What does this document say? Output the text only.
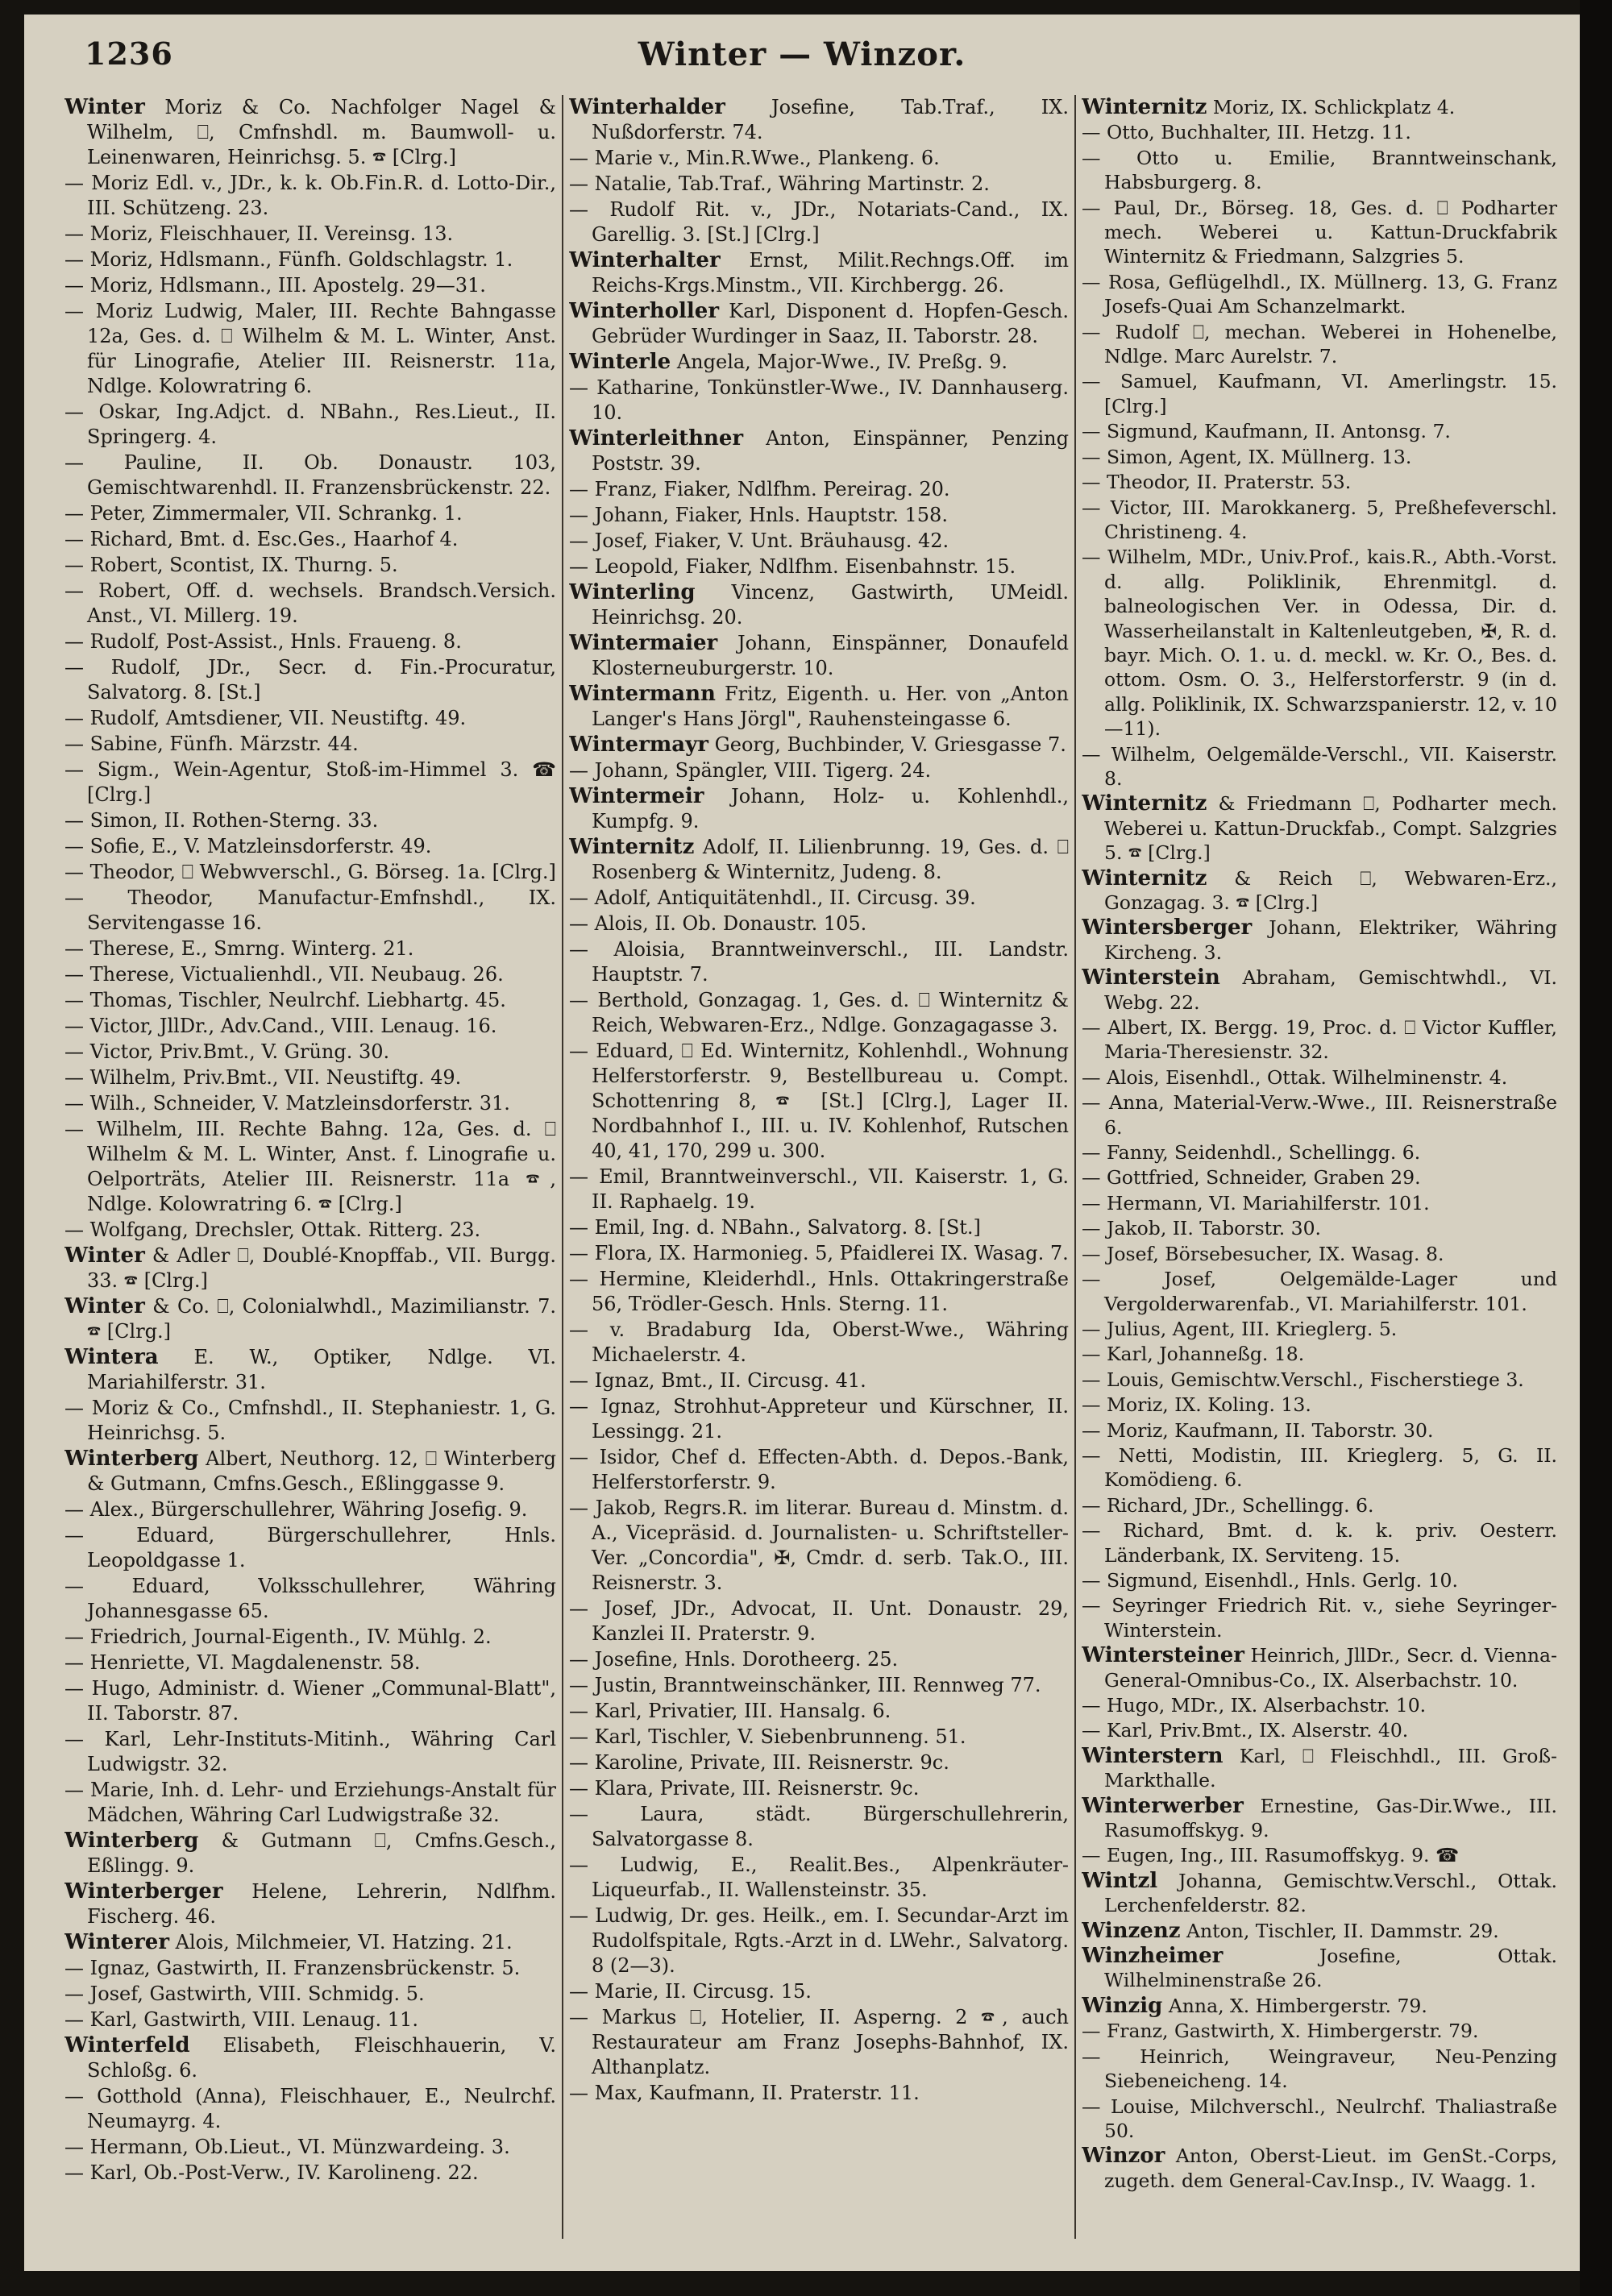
1236	Winter — Winzor.

Winter Moriz & Co. Nachfolger Nagel & Wilhelm, ⎕, Cmfnshdl. m. Baumwoll- u. Leinenwaren, Heinrichsg. 5. ☎ [Clrg.]

— Moriz Edl. v., JDr., k. k. Ob.Fin.R. d. Lotto-Dir., III. Schützeng. 23.

— Moriz, Fleischhauer, II. Vereinsg. 13.

— Moriz, Hdlsmann., Fünfh. Goldschlagstr. 1.

— Moriz, Hdlsmann., III. Apostelg. 29—31.

— Moriz Ludwig, Maler, III. Rechte Bahngasse 12a, Ges. d. ⎕ Wilhelm & M. L. Winter, Anst. für Linografie, Atelier III. Reisnerstr. 11a, Ndlge. Kolowratring 6.

— Oskar, Ing.Adjct. d. NBahn., Res.Lieut., II. Springerg. 4.

— Pauline, II. Ob. Donaustr. 103, Gemischtwarenhdl. II. Franzensbrückenstr. 22.

— Peter, Zimmermaler, VII. Schrankg. 1.

— Richard, Bmt. d. Esc.Ges., Haarhof 4.

— Robert, Scontist, IX. Thurng. 5.

— Robert, Off. d. wechsels. Brandsch.Versich. Anst., VI. Millerg. 19.

— Rudolf, Post-Assist., Hnls. Fraueng. 8.

— Rudolf, JDr., Secr. d. Fin.-Procuratur, Salvatorg. 8. [St.]

— Rudolf, Amtsdiener, VII. Neustiftg. 49.

— Sabine, Fünfh. Märzstr. 44.

— Sigm., Wein-Agentur, Stoß-im-Himmel 3. ☎ [Clrg.]

— Simon, II. Rothen-Sterng. 33.

— Sofie, E., V. Matzleinsdorferstr. 49.

— Theodor, ⎕ Webwverschl., G. Börseg. 1a. [Clrg.]

— Theodor, Manufactur-Emfnshdl., IX. Servitengasse 16.

— Therese, E., Smrng. Winterg. 21.

— Therese, Victualienhdl., VII. Neubaug. 26.

— Thomas, Tischler, Neulrchf. Liebhartg. 45.

— Victor, JllDr., Adv.Cand., VIII. Lenaug. 16.

— Victor, Priv.Bmt., V. Grüng. 30.

— Wilhelm, Priv.Bmt., VII. Neustiftg. 49.

— Wilh., Schneider, V. Matzleinsdorferstr. 31.

— Wilhelm, III. Rechte Bahng. 12a, Ges. d. ⎕ Wilhelm & M. L. Winter, Anst. f. Linografie u. Oelporträts, Atelier III. Reisnerstr. 11a ☎, Ndlge. Kolowratring 6. ☎ [Clrg.]

— Wolfgang, Drechsler, Ottak. Ritterg. 23.

Winter & Adler ⎕, Doublé-Knopffab., VII. Burgg. 33. ☎ [Clrg.]

Winter & Co. ⎕, Colonialwhdl., Mazimilianstr. 7. ☎ [Clrg.]

Wintera E. W., Optiker, Ndlge. VI. Mariahilferstr. 31.

— Moriz & Co., Cmfnshdl., II. Stephaniestr. 1, G. Heinrichsg. 5.

Winterberg Albert, Neuthorg. 12, ⎕ Winterberg & Gutmann, Cmfns.Gesch., Eßlinggasse 9.

— Alex., Bürgerschullehrer, Währing Josefig. 9.

— Eduard, Bürgerschullehrer, Hnls. Leopoldgasse 1.

— Eduard, Volksschullehrer, Währing Johannesgasse 65.

— Friedrich, Journal-Eigenth., IV. Mühlg. 2.

— Henriette, VI. Magdalenenstr. 58.

— Hugo, Administr. d. Wiener „Communal-Blatt", II. Taborstr. 87.

— Karl, Lehr-Instituts-Mitinh., Währing Carl Ludwigstr. 32.

— Marie, Inh. d. Lehr- und Erziehungs-Anstalt für Mädchen, Währing Carl Ludwigstraße 32.

Winterberg & Gutmann ⎕, Cmfns.Gesch., Eßlingg. 9.

Winterberger Helene, Lehrerin, Ndlfhm. Fischerg. 46.

Winterer Alois, Milchmeier, VI. Hatzing. 21.

— Ignaz, Gastwirth, II. Franzensbrückenstr. 5.

— Josef, Gastwirth, VIII. Schmidg. 5.

— Karl, Gastwirth, VIII. Lenaug. 11.

Winterfeld Elisabeth, Fleischhauerin, V. Schloßg. 6.

— Gotthold (Anna), Fleischhauer, E., Neulrchf. Neumayrg. 4.

— Hermann, Ob.Lieut., VI. Münzwardeing. 3.

— Karl, Ob.-Post-Verw., IV. Karolineng. 22.

Winterhalder Josefine, Tab.Traf., IX. Nußdorferstr. 74.

— Marie v., Min.R.Wwe., Plankeng. 6.

— Natalie, Tab.Traf., Währing Martinstr. 2.

— Rudolf Rit. v., JDr., Notariats-Cand., IX. Garellig. 3. [St.] [Clrg.]

Winterhalter Ernst, Milit.Rechngs.Off. im Reichs-Krgs.Minstm., VII. Kirchbergg. 26.

Winterholler Karl, Disponent d. Hopfen-Gesch. Gebrüder Wurdinger in Saaz, II. Taborstr. 28.

Winterle Angela, Major-Wwe., IV. Preßg. 9.

— Katharine, Tonkünstler-Wwe., IV. Dannhauserg. 10.

Winterleithner Anton, Einspänner, Penzing Poststr. 39.

— Franz, Fiaker, Ndlfhm. Pereirag. 20.

— Johann, Fiaker, Hnls. Hauptstr. 158.

— Josef, Fiaker, V. Unt. Bräuhausg. 42.

— Leopold, Fiaker, Ndlfhm. Eisenbahnstr. 15.

Winterling Vincenz, Gastwirth, UMeidl. Heinrichsg. 20.

Wintermaier Johann, Einspänner, Donaufeld Klosterneuburgerstr. 10.

Wintermann Fritz, Eigenth. u. Her. von „Anton Langer's Hans Jörgl", Rauhensteingasse 6.

Wintermayr Georg, Buchbinder, V. Griesgasse 7.

— Johann, Spängler, VIII. Tigerg. 24.

Wintermeir Johann, Holz- u. Kohlenhdl., Kumpfg. 9.

Winternitz Adolf, II. Lilienbrunng. 19, Ges. d. ⎕ Rosenberg & Winternitz, Judeng. 8.

— Adolf, Antiquitätenhdl., II. Circusg. 39.

— Alois, II. Ob. Donaustr. 105.

— Aloisia, Branntweinverschl., III. Landstr. Hauptstr. 7.

— Berthold, Gonzagag. 1, Ges. d. ⎕ Winternitz & Reich, Webwaren-Erz., Ndlge. Gonzagagasse 3.

— Eduard, ⎕ Ed. Winternitz, Kohlenhdl., Wohnung Helferstorferstr. 9, Bestellbureau u. Compt. Schottenring 8, ☎ [St.] [Clrg.], Lager II. Nordbahnhof I., III. u. IV. Kohlenhof, Rutschen 40, 41, 170, 299 u. 300.

— Emil, Branntweinverschl., VII. Kaiserstr. 1, G. II. Raphaelg. 19.

— Emil, Ing. d. NBahn., Salvatorg. 8. [St.]

— Flora, IX. Harmonieg. 5, Pfaidlerei IX. Wasag. 7.

— Hermine, Kleiderhdl., Hnls. Ottakringerstraße 56, Trödler-Gesch. Hnls. Sterng. 11.

— v. Bradaburg Ida, Oberst-Wwe., Währing Michaelerstr. 4.

— Ignaz, Bmt., II. Circusg. 41.

— Ignaz, Strohhut-Appreteur und Kürschner, II. Lessingg. 21.

— Isidor, Chef d. Effecten-Abth. d. Depos.-Bank, Helferstorferstr. 9.

— Jakob, Regrs.R. im literar. Bureau d. Minstm. d. A., Vicepräsid. d. Journalisten- u. Schriftsteller-Ver. „Concordia", ✠, Cmdr. d. serb. Tak.O., III. Reisnerstr. 3.

— Josef, JDr., Advocat, II. Unt. Donaustr. 29, Kanzlei II. Praterstr. 9.

— Josefine, Hnls. Dorotheerg. 25.

— Justin, Branntweinschänker, III. Rennweg 77.

— Karl, Privatier, III. Hansalg. 6.

— Karl, Tischler, V. Siebenbrunneng. 51.

— Karoline, Private, III. Reisnerstr. 9c.

— Klara, Private, III. Reisnerstr. 9c.

— Laura, städt. Bürgerschullehrerin, Salvatorgasse 8.

— Ludwig, E., Realit.Bes., Alpenkräuter-Liqueurfab., II. Wallensteinstr. 35.

— Ludwig, Dr. ges. Heilk., em. I. Secundar-Arzt im Rudolfspitale, Rgts.-Arzt in d. LWehr., Salvatorg. 8 (2—3).

— Marie, II. Circusg. 15.

— Markus ⎕, Hotelier, II. Asperng. 2 ☎, auch Restaurateur am Franz Josephs-Bahnhof, IX. Althanplatz.

— Max, Kaufmann, II. Praterstr. 11.

Winternitz Moriz, IX. Schlickplatz 4.

— Otto, Buchhalter, III. Hetzg. 11.

— Otto u. Emilie, Branntweinschank, Habsburgerg. 8.

— Paul, Dr., Börseg. 18, Ges. d. ⎕ Podharter mech. Weberei u. Kattun-Druckfabrik Winternitz & Friedmann, Salzgries 5.

— Rosa, Geflügelhdl., IX. Müllnerg. 13, G. Franz Josefs-Quai Am Schanzelmarkt.

— Rudolf ⎕, mechan. Weberei in Hohenelbe, Ndlge. Marc Aurelstr. 7.

— Samuel, Kaufmann, VI. Amerlingstr. 15. [Clrg.]

— Sigmund, Kaufmann, II. Antonsg. 7.

— Simon, Agent, IX. Müllnerg. 13.

— Theodor, II. Praterstr. 53.

— Victor, III. Marokkanerg. 5, Preßhefeverschl. Christineng. 4.

— Wilhelm, MDr., Univ.Prof., kais.R., Abth.-Vorst. d. allg. Poliklinik, Ehrenmitgl. d. balneologischen Ver. in Odessa, Dir. d. Wasserheilanstalt in Kaltenleutgeben, ✠, R. d. bayr. Mich. O. 1. u. d. meckl. w. Kr. O., Bes. d. ottom. Osm. O. 3., Helferstorferstr. 9 (in d. allg. Poliklinik, IX. Schwarzspanierstr. 12, v. 10—11).

— Wilhelm, Oelgemälde-Verschl., VII. Kaiserstr. 8.

Winternitz & Friedmann ⎕, Podharter mech. Weberei u. Kattun-Druckfab., Compt. Salzgries 5. ☎ [Clrg.]

Winternitz & Reich ⎕, Webwaren-Erz., Gonzagag. 3. ☎ [Clrg.]

Wintersberger Johann, Elektriker, Währing Kircheng. 3.

Winterstein Abraham, Gemischtwhdl., VI. Webg. 22.

— Albert, IX. Bergg. 19, Proc. d. ⎕ Victor Kuffler, Maria-Theresienstr. 32.

— Alois, Eisenhdl., Ottak. Wilhelminenstr. 4.

— Anna, Material-Verw.-Wwe., III. Reisnerstraße 6.

— Fanny, Seidenhdl., Schellingg. 6.

— Gottfried, Schneider, Graben 29.

— Hermann, VI. Mariahilferstr. 101.

— Jakob, II. Taborstr. 30.

— Josef, Börsebesucher, IX. Wasag. 8.

— Josef, Oelgemälde-Lager und Vergolderwarenfab., VI. Mariahilferstr. 101.

— Julius, Agent, III. Krieglerg. 5.

— Karl, Johanneßg. 18.

— Louis, Gemischtw.Verschl., Fischerstiege 3.

— Moriz, IX. Koling. 13.

— Moriz, Kaufmann, II. Taborstr. 30.

— Netti, Modistin, III. Krieglerg. 5, G. II. Komödieng. 6.

— Richard, JDr., Schellingg. 6.

— Richard, Bmt. d. k. k. priv. Oesterr. Länderbank, IX. Serviteng. 15.

— Sigmund, Eisenhdl., Hnls. Gerlg. 10.

— Seyringer Friedrich Rit. v., siehe Seyringer-Winterstein.

Wintersteiner Heinrich, JllDr., Secr. d. Vienna-General-Omnibus-Co., IX. Alserbachstr. 10.

— Hugo, MDr., IX. Alserbachstr. 10.

— Karl, Priv.Bmt., IX. Alserstr. 40.

Winterstern Karl, ⎕ Fleischhdl., III. Groß-Markthalle.

Winterwerber Ernestine, Gas-Dir.Wwe., III. Rasumoffskyg. 9.

— Eugen, Ing., III. Rasumoffskyg. 9. ☎

Wintzl Johanna, Gemischtw.Verschl., Ottak. Lerchenfelderstr. 82.

Winzenz Anton, Tischler, II. Dammstr. 29.

Winzheimer	Josefine, Ottak. Wilhelminenstraße 26.

Winzig Anna, X. Himbergerstr. 79.

— Franz, Gastwirth, X. Himbergerstr. 79.

— Heinrich, Weingraveur, Neu-Penzing Siebeneicheng. 14.

— Louise, Milchverschl., Neulrchf. Thaliastraße 50.

Winzor Anton, Oberst-Lieut. im GenSt.-Corps, zugeth. dem General-Cav.Insp., IV. Waagg. 1.
